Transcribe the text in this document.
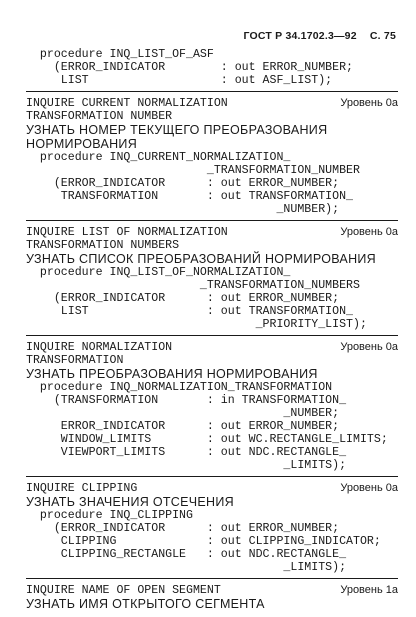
ГОСТ Р 34.1702.3—92 С. 75
procedure INQ_LIST_OF_ASF
(ERROR_INDICATOR        : out ERROR_NUMBER;
LIST                   : out ASF_LIST);
INQUIRE CURRENT NORMALIZATION	Уровень 0a
TRANSFORMATION NUMBER
УЗНАТЬ НОМЕР ТЕКУЩЕГО ПРЕОБРАЗОВАНИЯ
НОРМИРОВАНИЯ
procedure INQ_CURRENT_NORMALIZATION_
_TRANSFORMATION_NUMBER
(ERROR_INDICATOR      : out ERROR_NUMBER;
TRANSFORMATION       : out TRANSFORMATION_
_NUMBER);
INQUIRE LIST OF NORMALIZATION	Уровень 0a
TRANSFORMATION NUMBERS
УЗНАТЬ СПИСОК ПРЕОБРАЗОВАНИЙ НОРМИРОВАНИЯ
procedure INQ_LIST_OF_NORMALIZATION_
_TRANSFORMATION_NUMBERS
(ERROR_INDICATOR      : out ERROR_NUMBER;
LIST                 : out TRANSFORMATION_
_PRIORITY_LIST);
INQUIRE NORMALIZATION	Уровень 0a
TRANSFORMATION
УЗНАТЬ ПРЕОБРАЗОВАНИЯ НОРМИРОВАНИЯ
procedure INQ_NORMALIZATION_TRANSFORMATION
(TRANSFORMATION       : in TRANSFORMATION_
_NUMBER;
ERROR_INDICATOR      : out ERROR_NUMBER;
WINDOW_LIMITS        : out WC.RECTANGLE_LIMITS;
VIEWPORT_LIMITS      : out NDC.RECTANGLE_
_LIMITS);
INQUIRE CLIPPING	Уровень 0a
УЗНАТЬ ЗНАЧЕНИЯ ОТСЕЧЕНИЯ
procedure INQ_CLIPPING
(ERROR_INDICATOR      : out ERROR_NUMBER;
CLIPPING             : out CLIPPING_INDICATOR;
CLIPPING_RECTANGLE   : out NDC.RECTANGLE_
_LIMITS);
INQUIRE NAME OF OPEN SEGMENT	Уровень 1a
УЗНАТЬ ИМЯ ОТКРЫТОГО СЕГМЕНТА
